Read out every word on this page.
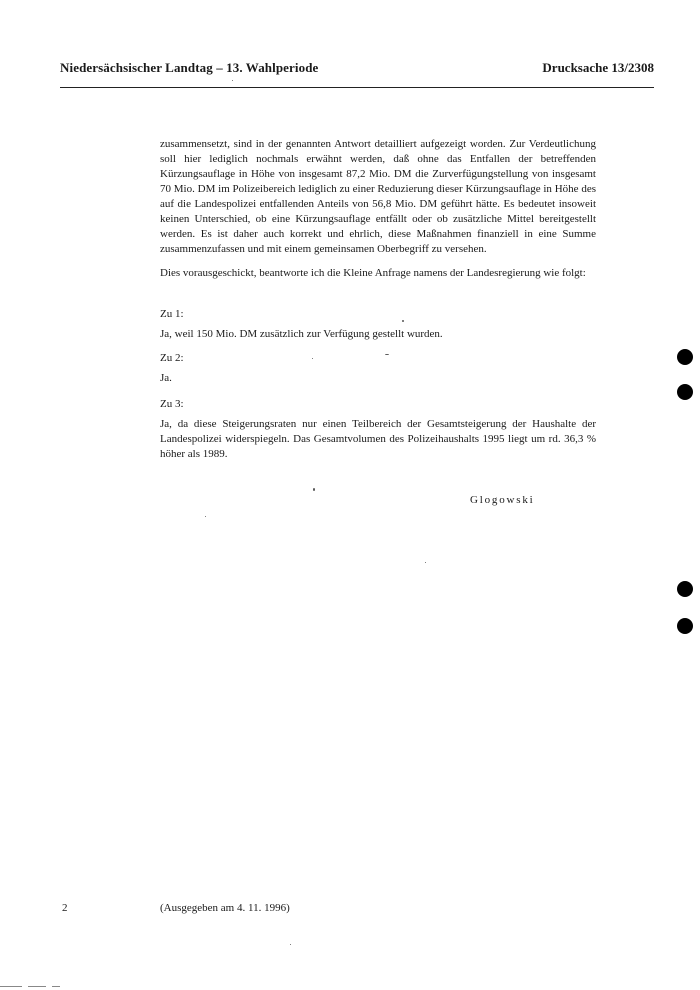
Niedersächsischer Landtag – 13. Wahlperiode	Drucksache 13/2308
zusammensetzt, sind in der genannten Antwort detailliert aufgezeigt worden. Zur Verdeutlichung soll hier lediglich nochmals erwähnt werden, daß ohne das Entfallen der betreffenden Kürzungsauflage in Höhe von insgesamt 87,2 Mio. DM die Zurverfügungstellung von insgesamt 70 Mio. DM im Polizeibereich lediglich zu einer Reduzierung dieser Kürzungsauflage in Höhe des auf die Landespolizei entfallenden Anteils von 56,8 Mio. DM geführt hätte. Es bedeutet insoweit keinen Unterschied, ob eine Kürzungsauflage entfällt oder ob zusätzliche Mittel bereitgestellt werden. Es ist daher auch korrekt und ehrlich, diese Maßnahmen finanziell in eine Summe zusammenzufassen und mit einem gemeinsamen Oberbegriff zu versehen.
Dies vorausgeschickt, beantworte ich die Kleine Anfrage namens der Landesregierung wie folgt:
Zu 1:
Ja, weil 150 Mio. DM zusätzlich zur Verfügung gestellt wurden.
Zu 2:
Ja.
Zu 3:
Ja, da diese Steigerungsraten nur einen Teilbereich der Gesamtsteigerung der Haushalte der Landespolizei widerspiegeln. Das Gesamtvolumen des Polizeihaushalts 1995 liegt um rd. 36,3 % höher als 1989.
Glogowski
2	(Ausgegeben am 4. 11. 1996)
